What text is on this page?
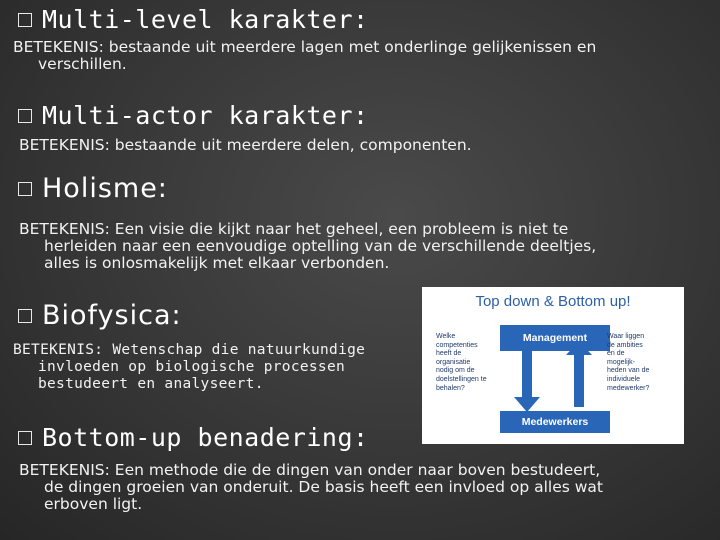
Multi-level karakter:
BETEKENIS: bestaande uit meerdere lagen met onderlinge gelijkenissen en
verschillen.
Multi-actor karakter:
BETEKENIS: bestaande uit meerdere delen, componenten.
Holisme:
BETEKENIS: Een visie die kijkt naar het geheel, een probleem is niet te
herleiden naar een eenvoudige optelling van de verschillende deeltjes,
alles is onlosmakelijk met elkaar verbonden.
Biofysica:
BETEKENIS: Wetenschap die natuurkundige
invloeden op biologische processen
bestudeert en analyseert.
Bottom-up benadering:
BETEKENIS: Een methode die de dingen van onder naar boven bestudeert,
de dingen groeien van onderuit. De basis heeft een invloed op alles wat
erboven ligt.
Top down & Bottom up!
Management
Medewerkers
Welke
competenties
heeft de
organisatie
nodig om de
doelstellingen te
behalen?
Waar liggen
de ambities
en de
mogelijk-
heden van de
individuele
medewerker?
